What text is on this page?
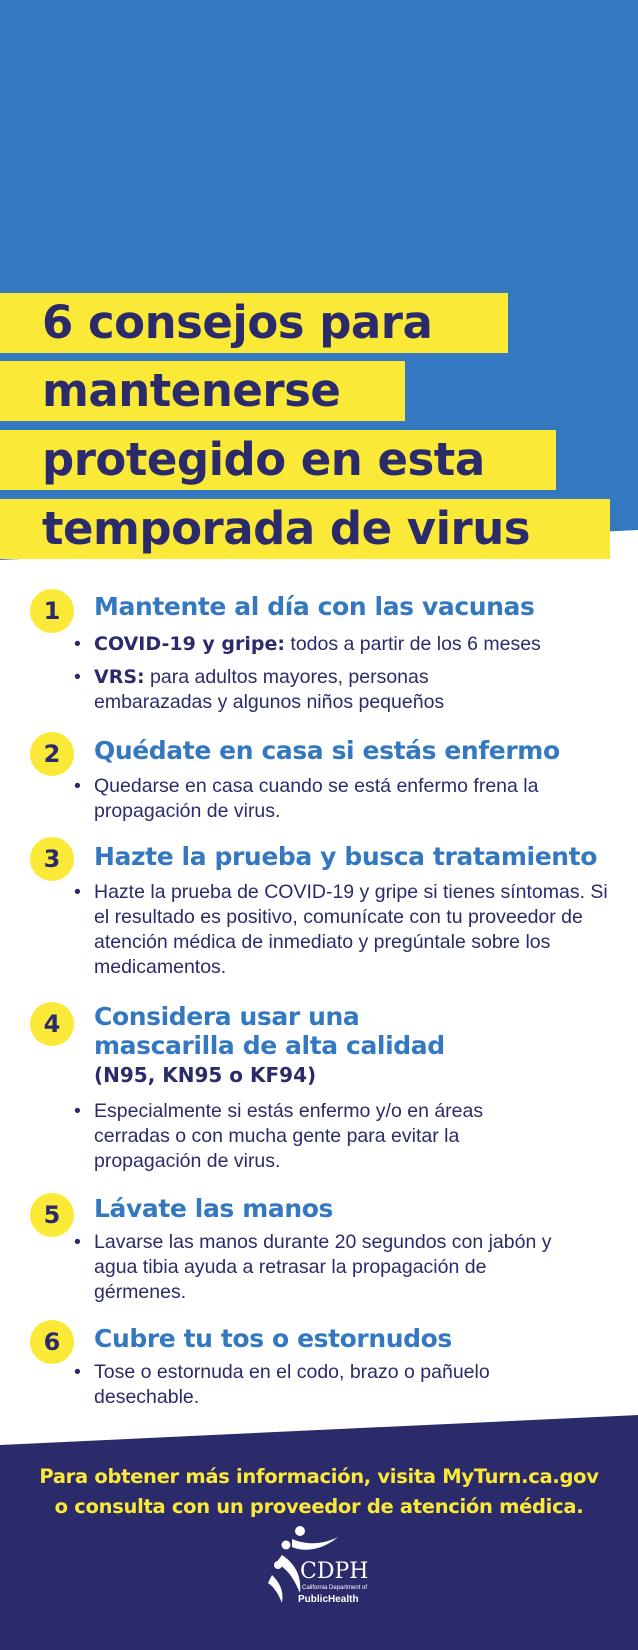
6 consejos para
mantenerse
protegido en esta
temporada de virus
1	Mantente al día con las vacunas
• COVID-19 y gripe: todos a partir de los 6 meses
• VRS: para adultos mayores, personas embarazadas y algunos niños pequeños
2	Quédate en casa si estás enfermo
• Quedarse en casa cuando se está enfermo frena la propagación de virus.
3	Hazte la prueba y busca tratamiento
• Hazte la prueba de COVID-19 y gripe si tienes síntomas. Si el resultado es positivo, comunícate con tu proveedor de atención médica de inmediato y pregúntale sobre los medicamentos.
4	Considera usar una
mascarilla de alta calidad
(N95, KN95 o KF94)
• Especialmente si estás enfermo y/o en áreas cerradas o con mucha gente para evitar la propagación de virus.
5	Lávate las manos
• Lavarse las manos durante 20 segundos con jabón y agua tibia ayuda a retrasar la propagación de gérmenes.
6	Cubre tu tos o estornudos
• Tose o estornuda en el codo, brazo o pañuelo desechable.
Para obtener más información, visita MyTurn.ca.gov
o consulta con un proveedor de atención médica.
CDPH
California Department of
PublicHealth
